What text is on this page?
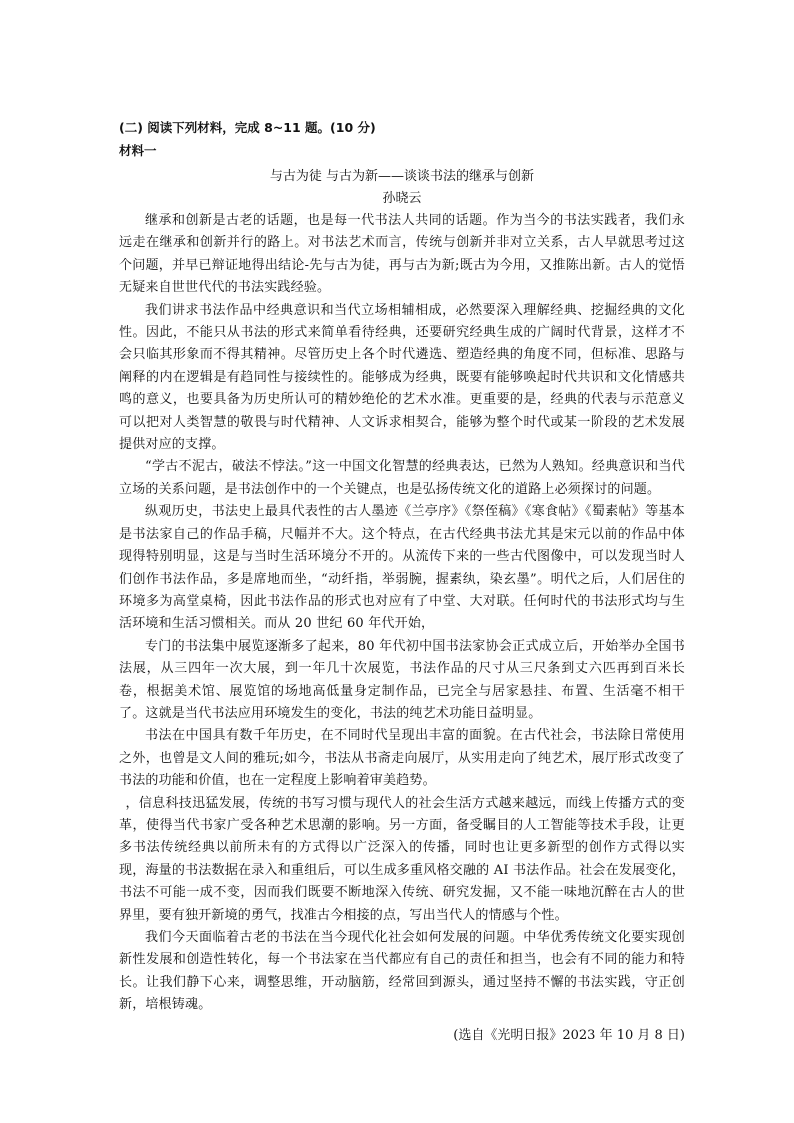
(二) 阅读下列材料，完成 8~11 题。(10 分)

材料一

与古为徒 与古为新——谈谈书法的继承与创新

孙晓云

继承和创新是古老的话题，也是每一代书法人共同的话题。作为当今的书法实践者，我们永远走在继承和创新并行的路上。对书法艺术而言，传统与创新并非对立关系，古人早就思考过这个问题，并早已辩证地得出结论-先与古为徒，再与古为新;既古为今用，又推陈出新。古人的觉悟无疑来自世世代代的书法实践经验。

我们讲求书法作品中经典意识和当代立场相辅相成，必然要深入理解经典、挖掘经典的文化性。因此，不能只从书法的形式来简单看待经典，还要研究经典生成的广阔时代背景，这样才不会只临其形象而不得其精神。尽管历史上各个时代遴选、塑造经典的角度不同，但标准、思路与阐释的内在逻辑是有趋同性与接续性的。能够成为经典，既要有能够唤起时代共识和文化情感共鸣的意义，也要具备为历史所认可的精妙绝伦的艺术水准。更重要的是，经典的代表与示范意义可以把对人类智慧的敬畏与时代精神、人文诉求相契合，能够为整个时代或某一阶段的艺术发展提供对应的支撑。

“学古不泥古，破法不悖法。”这一中国文化智慧的经典表达，已然为人熟知。经典意识和当代立场的关系问题，是书法创作中的一个关键点，也是弘扬传统文化的道路上必须探讨的问题。

纵观历史，书法史上最具代表性的古人墨迹《兰亭序》《祭侄稿》《寒食帖》《蜀素帖》等基本是书法家自己的作品手稿，尺幅并不大。这个特点，在古代经典书法尤其是宋元以前的作品中体现得特别明显，这是与当时生活环境分不开的。从流传下来的一些古代图像中，可以发现当时人们创作书法作品，多是席地而坐，“动纤指，举弱腕，握素纨，染玄墨”。明代之后，人们居住的环境多为高堂桌椅，因此书法作品的形式也对应有了中堂、大对联。任何时代的书法形式均与生活环境和生活习惯相关。而从 20 世纪 60 年代开始，

专门的书法集中展览逐渐多了起来，80 年代初中国书法家协会正式成立后，开始举办全国书法展，从三四年一次大展，到一年几十次展览，书法作品的尺寸从三尺条到丈六匹再到百米长卷，根据美术馆、展览馆的场地高低量身定制作品，已完全与居家悬挂、布置、生活毫不相干了。这就是当代书法应用环境发生的变化，书法的纯艺术功能日益明显。

书法在中国具有数千年历史，在不同时代呈现出丰富的面貌。在古代社会，书法除日常使用之外，也曾是文人间的雅玩;如今，书法从书斋走向展厅，从实用走向了纯艺术，展厅形式改变了书法的功能和价值，也在一定程度上影响着审美趋势。

，信息科技迅猛发展，传统的书写习惯与现代人的社会生活方式越来越远，而线上传播方式的变革，使得当代书家广受各种艺术思潮的影响。另一方面，备受瞩目的人工智能等技术手段，让更多书法传统经典以前所未有的方式得以广泛深入的传播，同时也让更多新型的创作方式得以实现，海量的书法数据在录入和重组后，可以生成多重风格交融的 AI 书法作品。社会在发展变化，书法不可能一成不变，因而我们既要不断地深入传统、研究发掘，又不能一味地沉醉在古人的世界里，要有独开新境的勇气，找准古今相接的点，写出当代人的情感与个性。

我们今天面临着古老的书法在当今现代化社会如何发展的问题。中华优秀传统文化要实现创新性发展和创造性转化，每一个书法家在当代都应有自己的责任和担当，也会有不同的能力和特长。让我们静下心来，调整思维，开动脑筋，经常回到源头，通过坚持不懈的书法实践，守正创新，培根铸魂。

(选自《光明日报》2023 年 10 月 8 日)
